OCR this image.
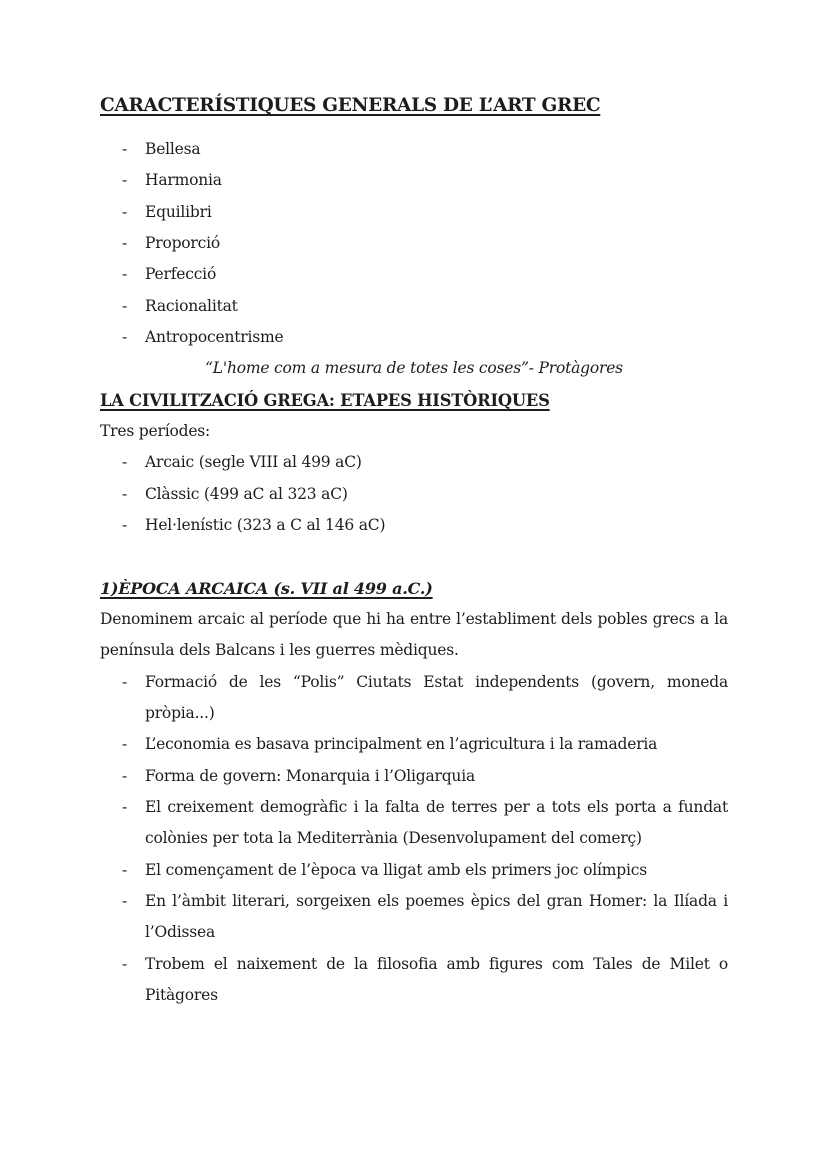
CARACTERÍSTIQUES GENERALS DE L’ART GREC
- Bellesa
- Harmonia
- Equilibri
- Proporció
- Perfecció
- Racionalitat
- Antropocentrisme

“L'home com a mesura de totes les coses”- Protàgores

LA CIVILITZACIÓ GREGA: ETAPES HISTÒRIQUES

Tres períodes:

- Arcaic (segle VIII al 499 aC)
- Clàssic (499 aC al 323 aC)
- Hel·lenístic (323 a C al 146 aC)
1)ÈPOCA ARCAICA (s. VII al 499 a.C.)

Denominem arcaic al període que hi ha entre l’establiment dels pobles grecs a la península dels Balcans i les guerres mèdiques.

- Formació de les “Polis” Ciutats Estat independents (govern, moneda pròpia...)
- L’economia es basava principalment en l’agricultura i la ramaderia
- Forma de govern: Monarquia i l’Oligarquia
- El creixement demogràfic i la falta de terres per a tots els porta a fundat colònies per tota la Mediterrània (Desenvolupament del comerç)
- El començament de l’època va lligat amb els primers joc olímpics
- En l’àmbit literari, sorgeixen els poemes èpics del gran Homer: la Ilíada i l’Odissea
- Trobem el naixement de la filosofia amb figures com Tales de Milet o Pitàgores
